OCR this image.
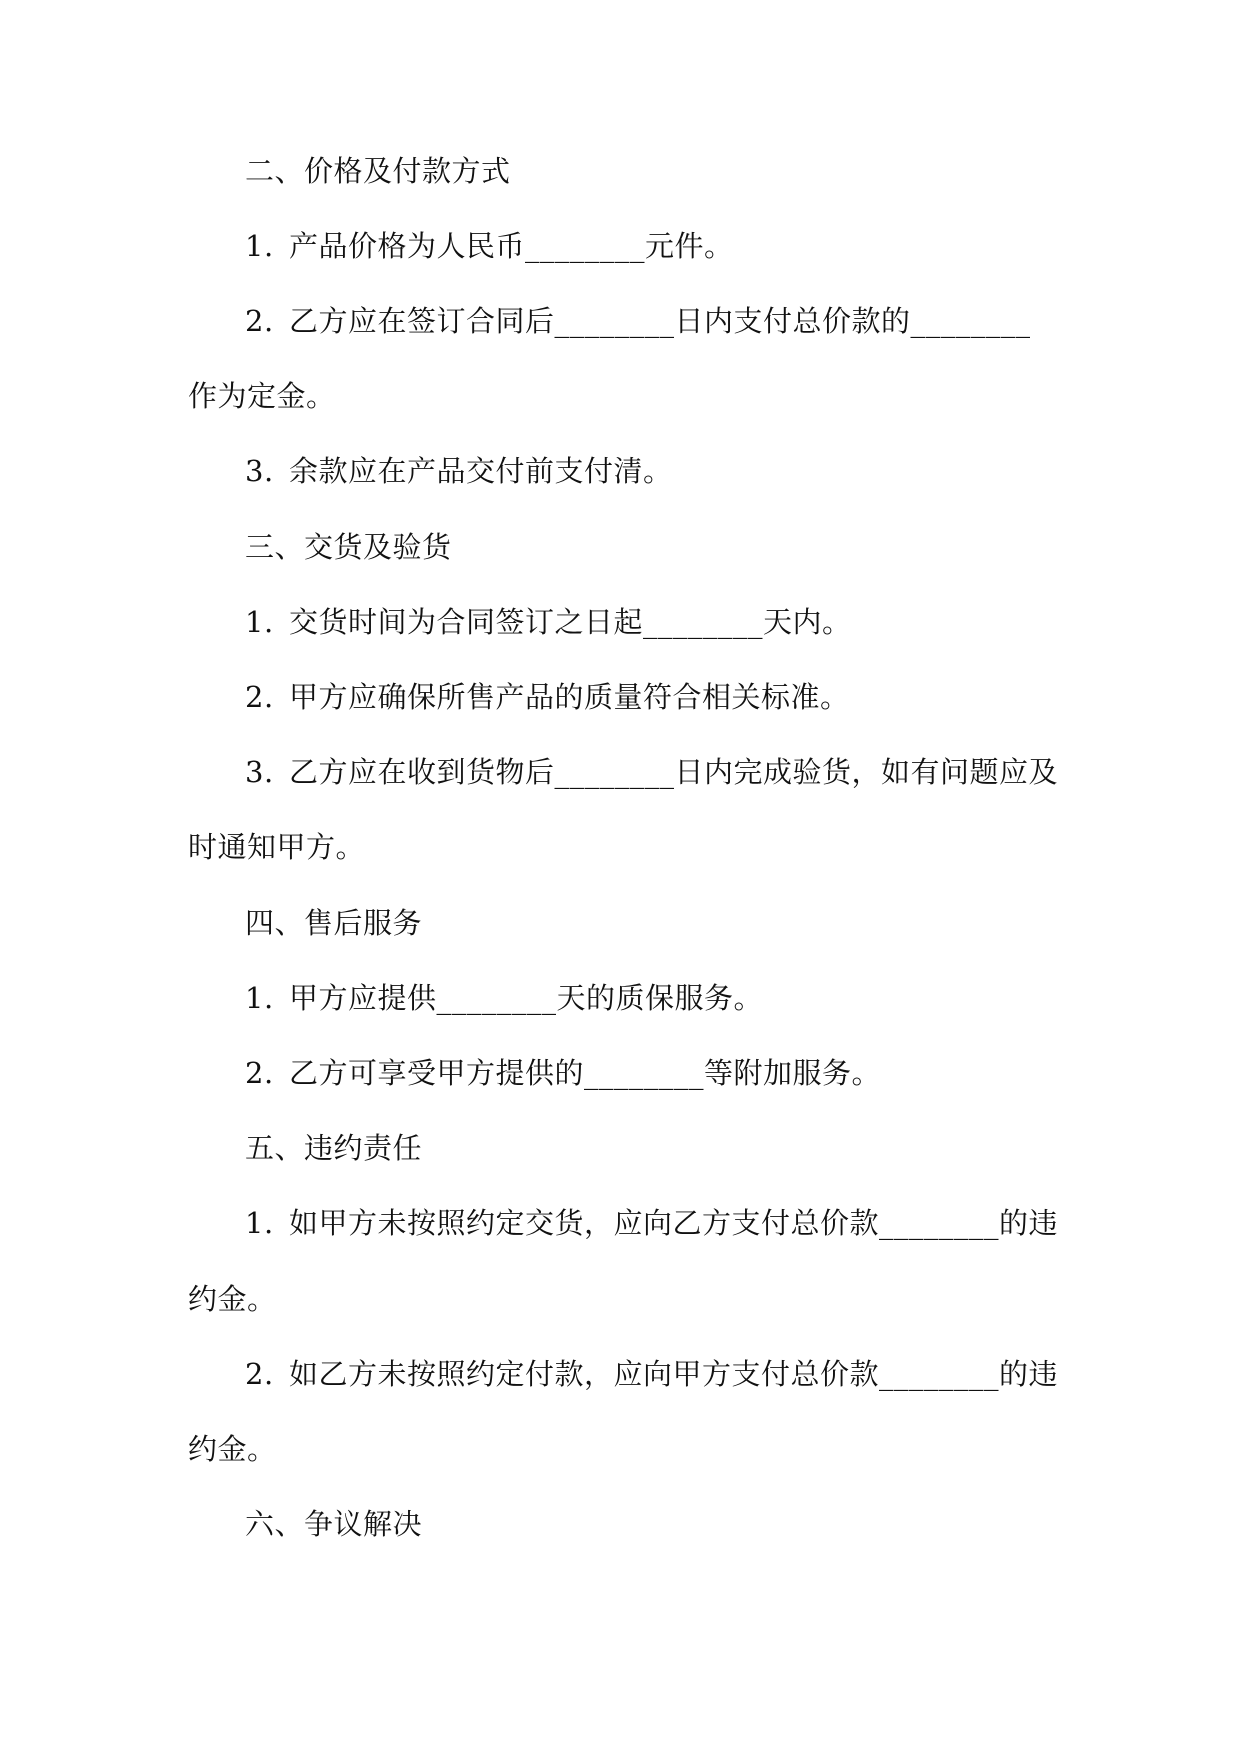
二、价格及付款方式

1. 产品价格为人民币________元件。

2. 乙方应在签订合同后________日内支付总价款的________

作为定金。

3. 余款应在产品交付前支付清。

三、交货及验货

1. 交货时间为合同签订之日起________天内。

2. 甲方应确保所售产品的质量符合相关标准。

3. 乙方应在收到货物后________日内完成验货，如有问题应及

时通知甲方。

四、售后服务

1. 甲方应提供________天的质保服务。

2. 乙方可享受甲方提供的________等附加服务。

五、违约责任

1. 如甲方未按照约定交货，应向乙方支付总价款________的违

约金。

2. 如乙方未按照约定付款，应向甲方支付总价款________的违

约金。

六、争议解决
